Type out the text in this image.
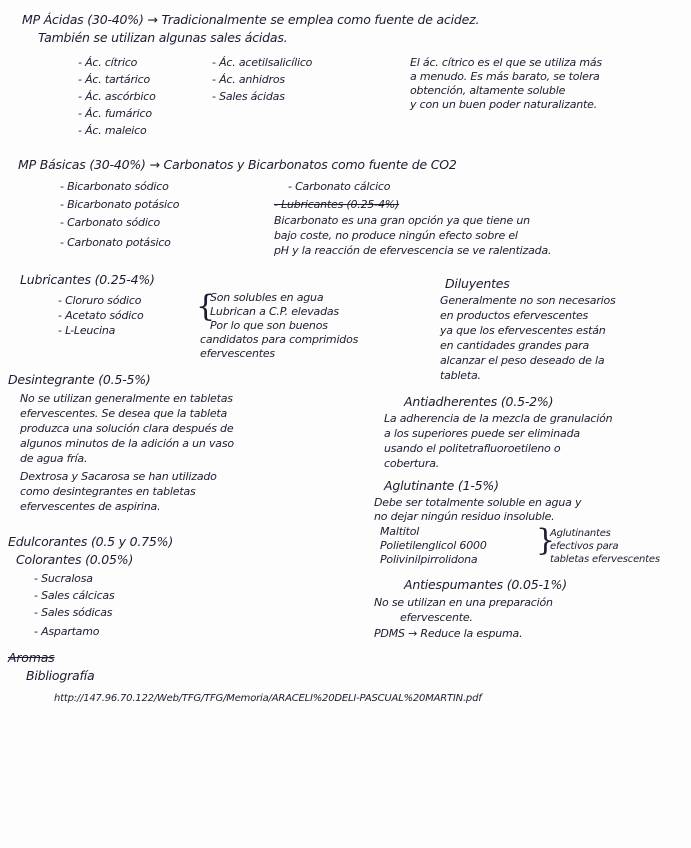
MP Ácidas (30-40%) → Tradicionalmente se emplea como fuente de acidez.
También se utilizan algunas sales ácidas.
- Ác. cítrico
- Ác. tartárico
- Ác. ascórbico
- Ác. fumárico
- Ác. maleico
- Ác. acetilsalicílico
- Ác. anhidros
- Sales ácidas
El ác. cítrico es el que se utiliza más
a menudo. Es más barato, se tolera
obtención, altamente soluble
y con un buen poder naturalizante.
MP Básicas (30-40%) → Carbonatos y Bicarbonatos como fuente de CO2
- Bicarbonato sódico
- Bicarbonato potásico
- Carbonato sódico
- Carbonato potásico
- Carbonato cálcico
- Lubricantes (0.25-4%)
Bicarbonato es una gran opción ya que tiene un
bajo coste, no produce ningún efecto sobre el
pH y la reacción de efervescencia se ve ralentizada.
Lubricantes (0.25-4%)
- Cloruro sódico
- Acetato sódico
- L-Leucina
{
Son solubles en agua
Lubrican a C.P. elevadas
Por lo que son buenos
candidatos para comprimidos
efervescentes
Diluyentes
Generalmente no son necesarios
en productos efervescentes
ya que los efervescentes están
en cantidades grandes para
alcanzar el peso deseado de la
tableta.
Desintegrante (0.5-5%)
No se utilizan generalmente en tabletas
efervescentes. Se desea que la tableta
produzca una solución clara después de
algunos minutos de la adición a un vaso
de agua fría.
Dextrosa y Sacarosa se han utilizado
como desintegrantes en tabletas
efervescentes de aspirina.
Antiadherentes (0.5-2%)
La adherencia de la mezcla de granulación
a los superiores puede ser eliminada
usando el politetrafluoroetileno o
cobertura.
Aglutinante (1-5%)
Debe ser totalmente soluble en agua y
no dejar ningún residuo insoluble.
Maltitol
Polietilenglicol 6000
Polivinilpirrolidona
}
Aglutinantes
efectivos para
tabletas efervescentes
Edulcorantes (0.5 y 0.75%)
Colorantes (0.05%)
- Sucralosa
- Sales cálcicas
- Sales sódicas
- Aspartamo
Antiespumantes (0.05-1%)
No se utilizan en una preparación
efervescente.
PDMS → Reduce la espuma.
Aromas
Bibliografía
http://147.96.70.122/Web/TFG/TFG/Memoria/ARACELI%20DELI-PASCUAL%20MARTIN.pdf
